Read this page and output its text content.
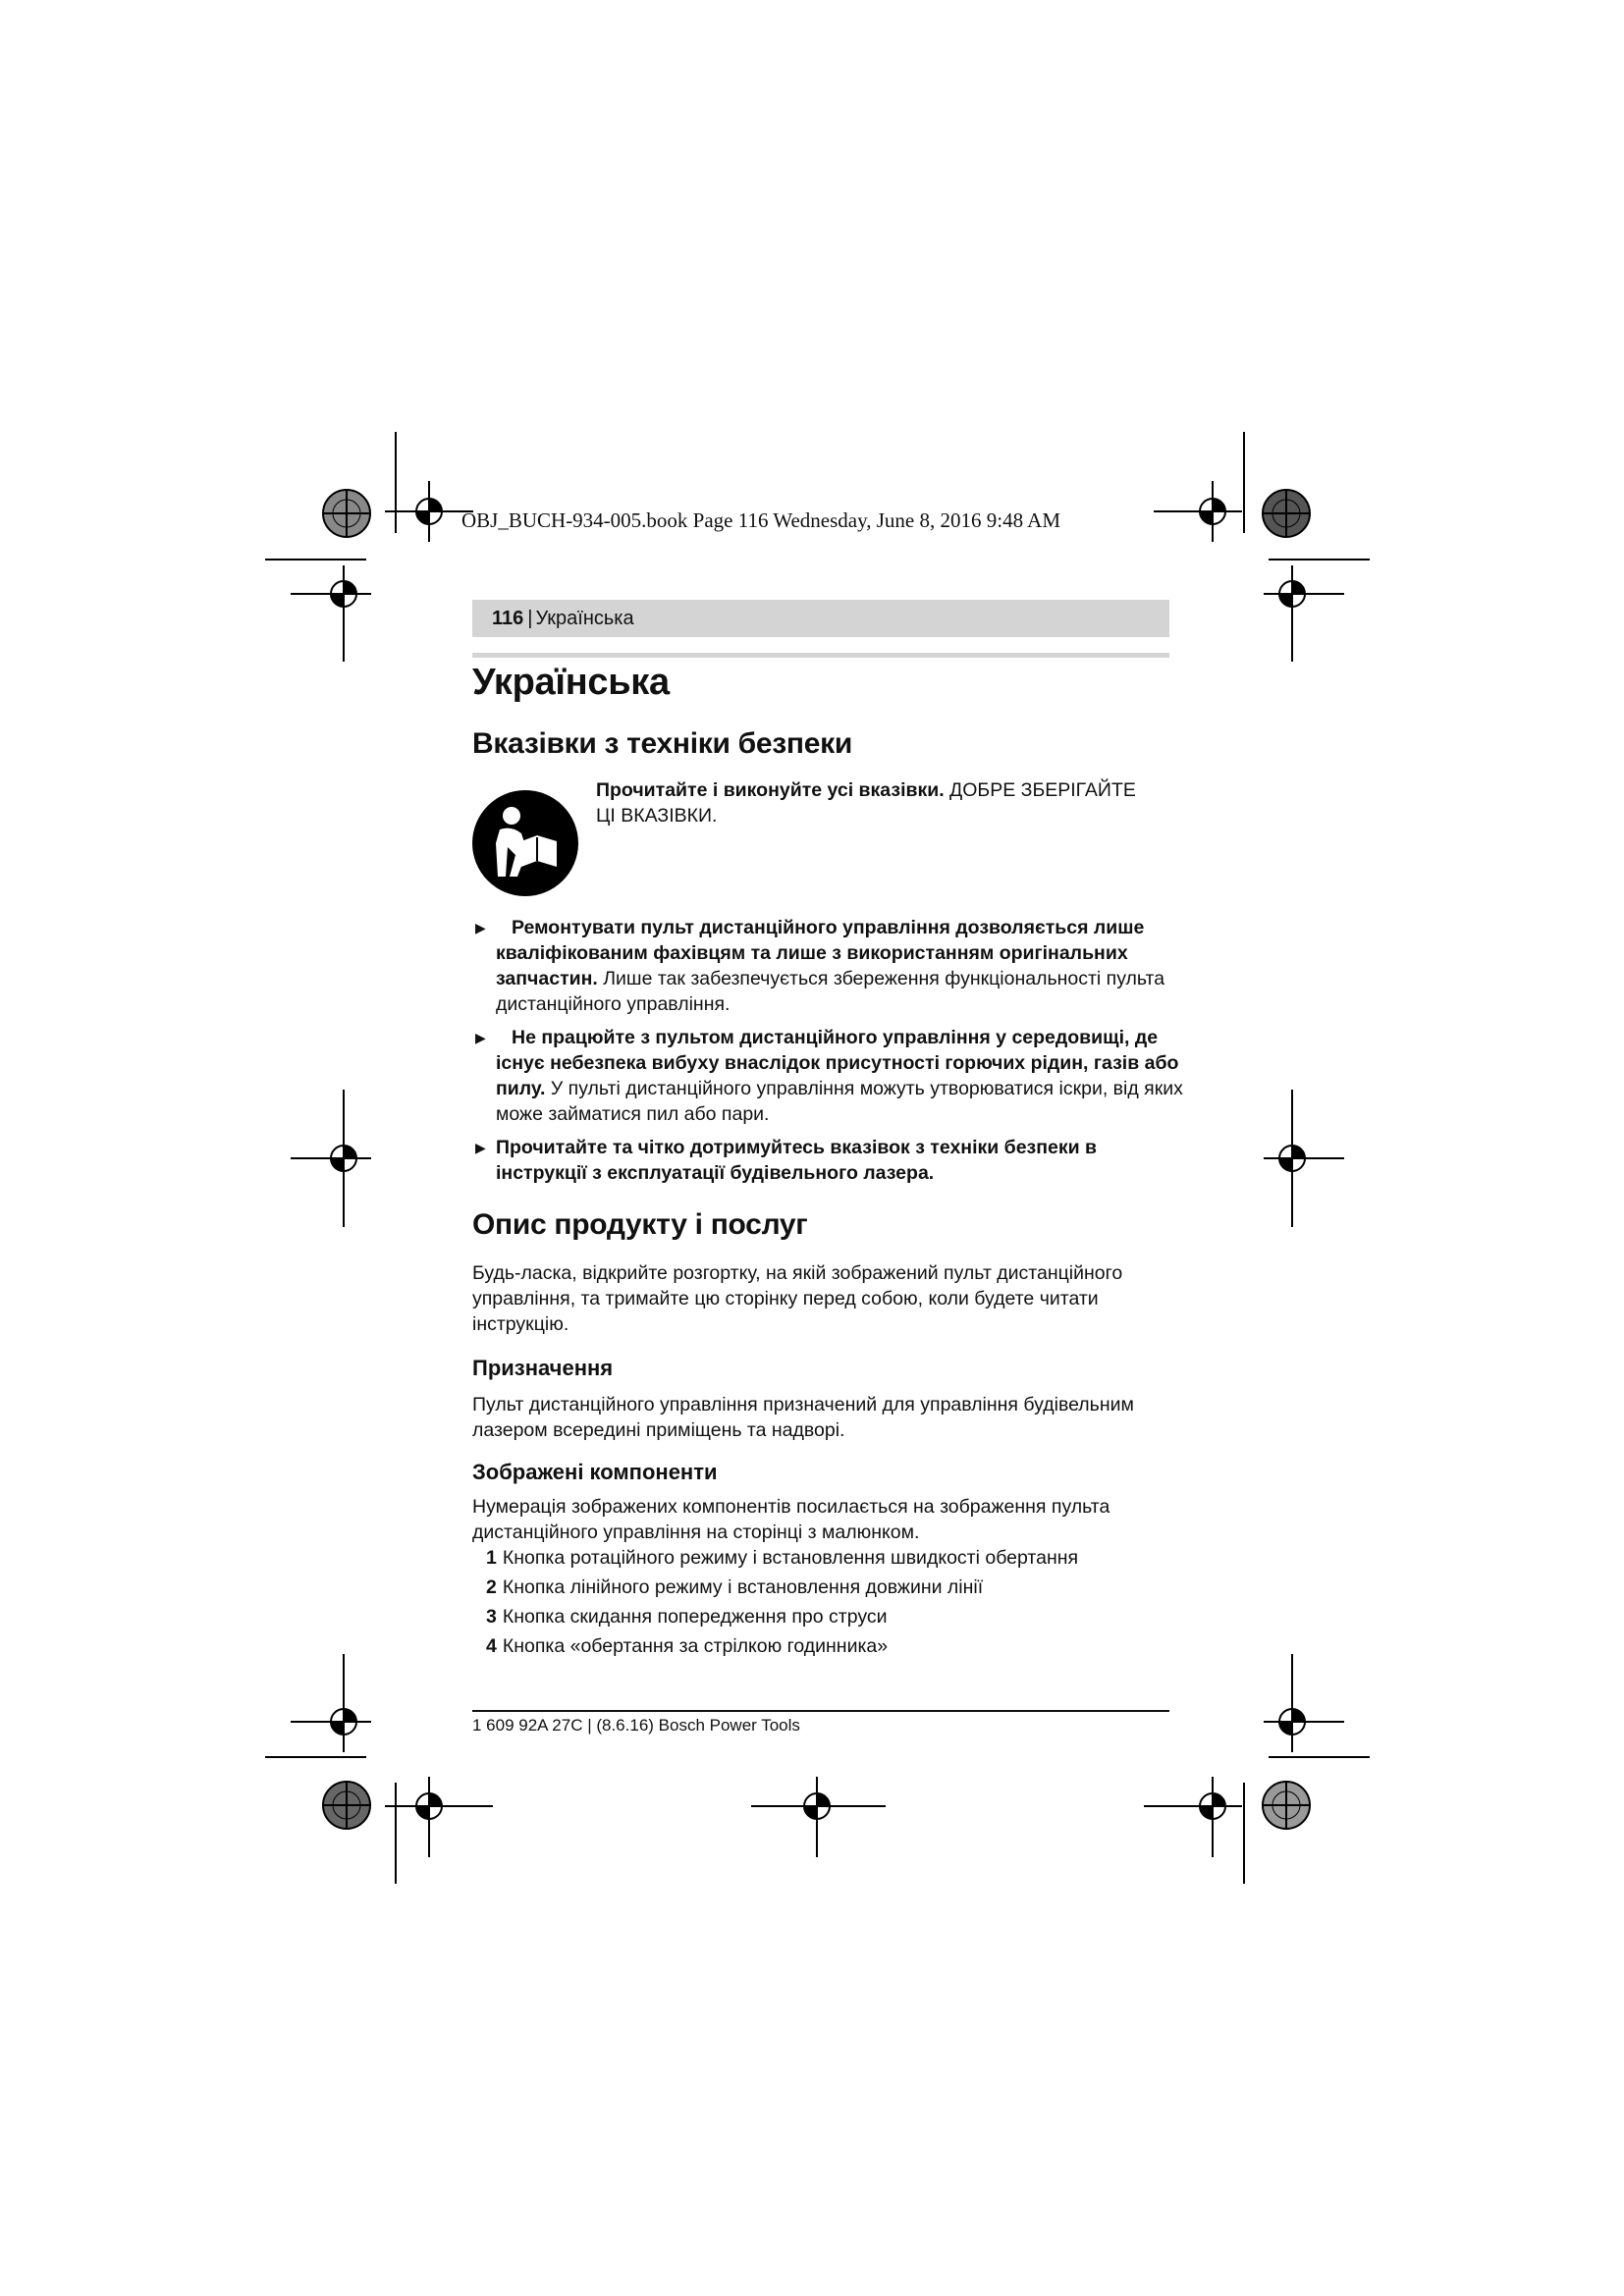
OBJ_BUCH-934-005.book Page 116 Wednesday, June 8, 2016 9:48 AM
116 | Українська
Українська
Вказівки з техніки безпеки
Прочитайте і виконуйте усі вказівки. ДОБРЕ ЗБЕРІГАЙТЕ ЦІ ВКАЗІВКИ.
▶ Ремонтувати пульт дистанційного управління дозволяється лише кваліфікованим фахівцям та лише з використанням оригінальних запчастин. Лише так забезпечується збереження функціональності пульта дистанційного управління.
▶ Не працюйте з пультом дистанційного управління у середовищі, де існує небезпека вибуху внаслідок присутності горючих рідин, газів або пилу. У пульті дистанційного управління можуть утворюватися іскри, від яких може займатися пил або пари.
▶ Прочитайте та чітко дотримуйтесь вказівок з техніки безпеки в інструкції з експлуатації будівельного лазера.
Опис продукту і послуг

Будь-ласка, відкрийте розгортку, на якій зображений пульт дистанційного управління, та тримайте цю сторінку перед собою, коли будете читати інструкцію.

Призначення

Пульт дистанційного управління призначений для управління будівельним лазером всередині приміщень та надворі.

Зображені компоненти

Нумерація зображених компонентів посилається на зображення пульта дистанційного управління на сторінці з малюнком.

1 Кнопка ротаційного режиму і встановлення швидкості обертання
2 Кнопка лінійного режиму і встановлення довжини лінії
3 Кнопка скидання попередження про струси
4 Кнопка «обертання за стрілкою годинника»
1 609 92A 27C | (8.6.16) Bosch Power Tools
